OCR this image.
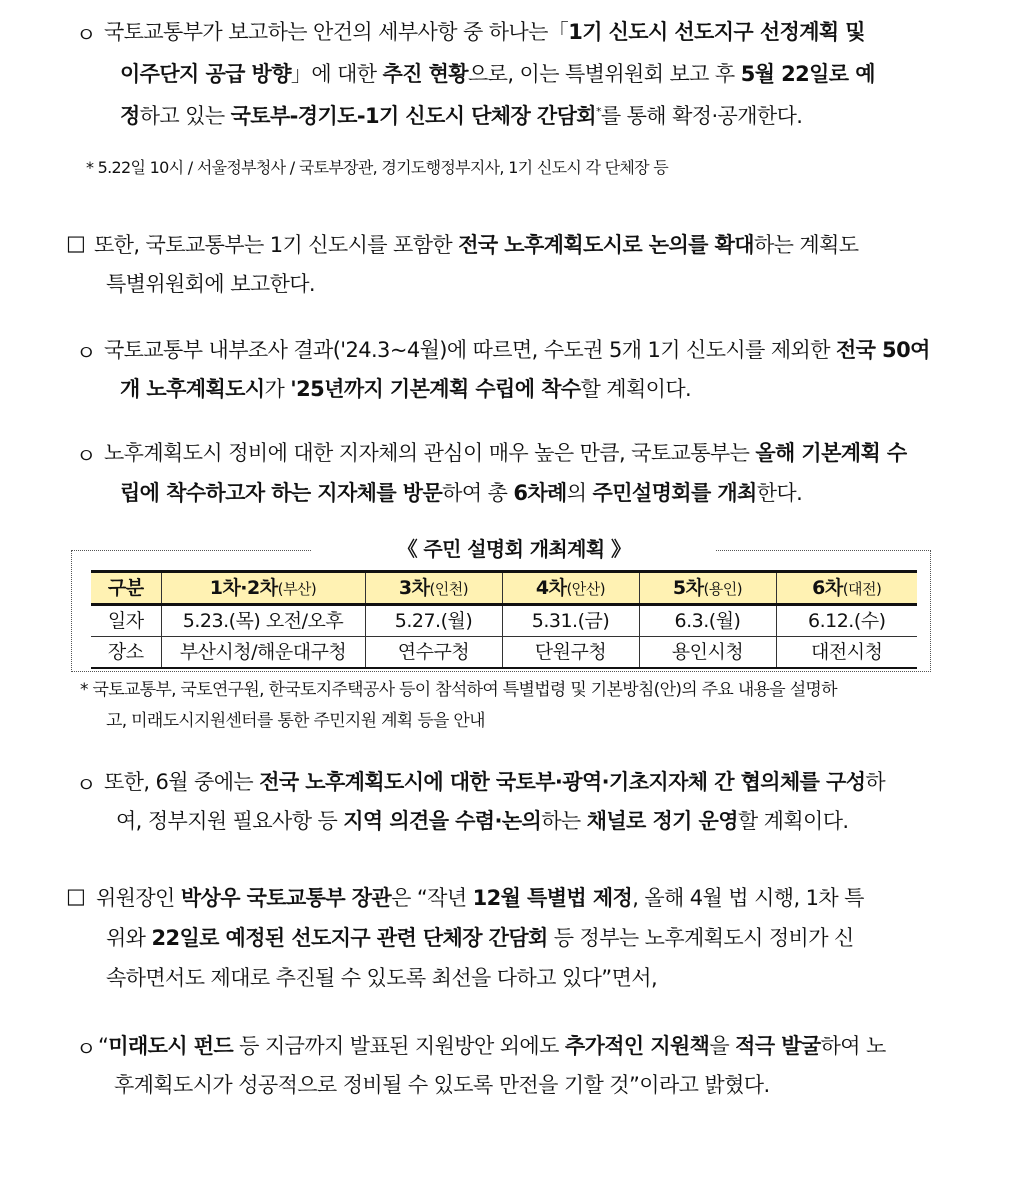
ㅇ 국토교통부가 보고하는 안건의 세부사항 중 하나는「1기 신도시 선도지구 선정계획 및
이주단지 공급 방향」에 대한 추진 현황으로, 이는 특별위원회 보고 후 5월 22일로 예
정하고 있는 국토부-경기도-1기 신도시 단체장 간담회*를 통해 확정·공개한다.
* 5.22일 10시 / 서울정부청사 / 국토부장관, 경기도행정부지사, 1기 신도시 각 단체장 등
□ 또한, 국토교통부는 1기 신도시를 포함한 전국 노후계획도시로 논의를 확대하는 계획도
특별위원회에 보고한다.
ㅇ 국토교통부 내부조사 결과('24.3~4월)에 따르면, 수도권 5개 1기 신도시를 제외한 전국 50여
개 노후계획도시가 '25년까지 기본계획 수립에 착수할 계획이다.
ㅇ 노후계획도시 정비에 대한 지자체의 관심이 매우 높은 만큼, 국토교통부는 올해 기본계획 수
립에 착수하고자 하는 지자체를 방문하여 총 6차례의 주민설명회를 개최한다.
《 주민 설명회 개최계획 》
구분	1차·2차(부산)	3차(인천)	4차(안산)	5차(용인)	6차(대전)
일자	5.23.(목) 오전/오후	5.27.(월)	5.31.(금)	6.3.(월)	6.12.(수)
장소	부산시청/해운대구청	연수구청	단원구청	용인시청	대전시청
* 국토교통부, 국토연구원, 한국토지주택공사 등이 참석하여 특별법령 및 기본방침(안)의 주요 내용을 설명하
고, 미래도시지원센터를 통한 주민지원 계획 등을 안내
ㅇ 또한, 6월 중에는 전국 노후계획도시에 대한 국토부·광역·기초지자체 간 협의체를 구성하
여, 정부지원 필요사항 등 지역 의견을 수렴·논의하는 채널로 정기 운영할 계획이다.
□ 위원장인 박상우 국토교통부 장관은 “작년 12월 특별법 제정, 올해 4월 법 시행, 1차 특
위와 22일로 예정된 선도지구 관련 단체장 간담회 등 정부는 노후계획도시 정비가 신
속하면서도 제대로 추진될 수 있도록 최선을 다하고 있다”면서,
ㅇ “미래도시 펀드 등 지금까지 발표된 지원방안 외에도 추가적인 지원책을 적극 발굴하여 노
후계획도시가 성공적으로 정비될 수 있도록 만전을 기할 것”이라고 밝혔다.
